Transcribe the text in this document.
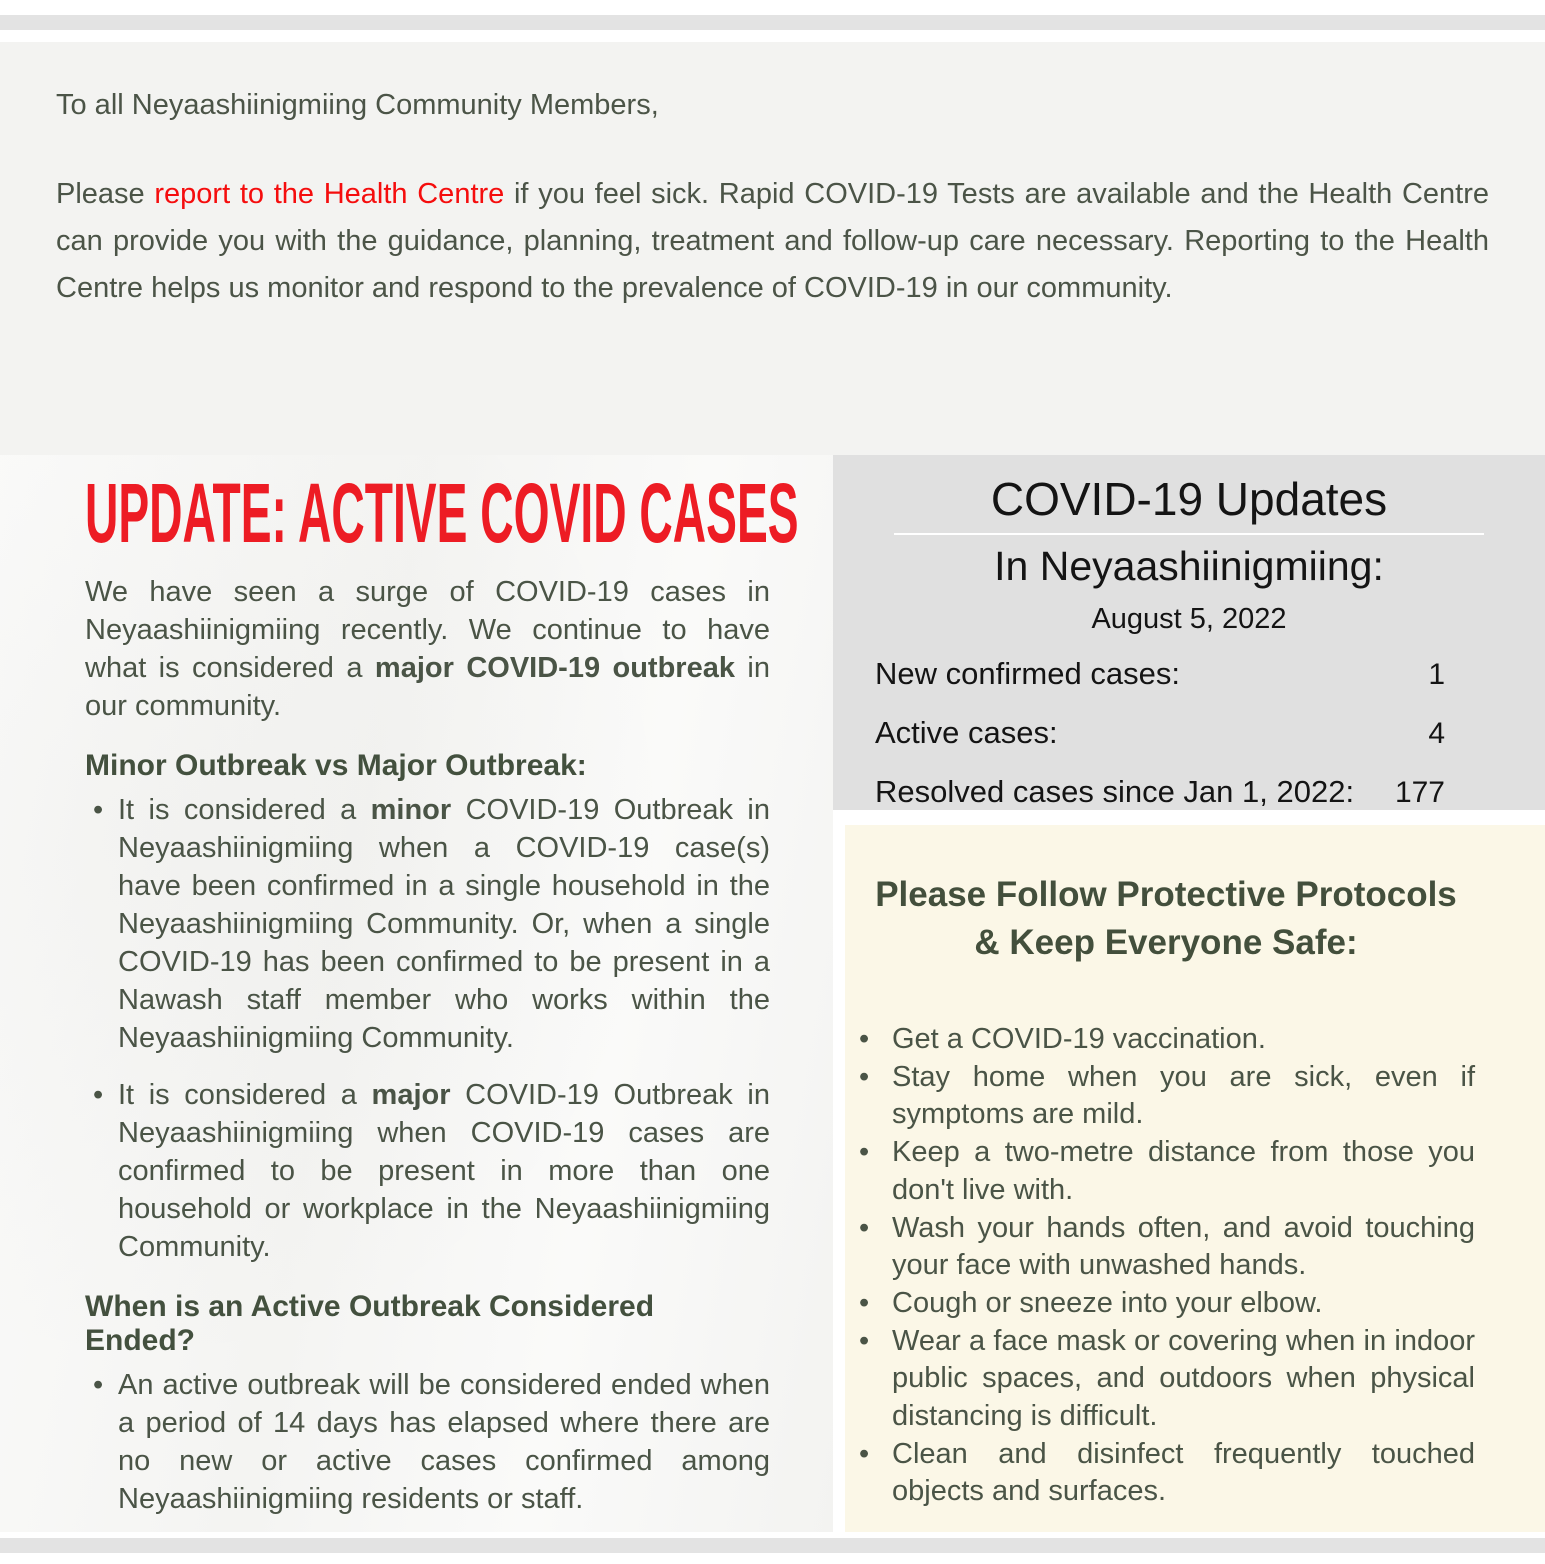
To all Neyaashiinigmiing Community Members,

Please report to the Health Centre if you feel sick. Rapid COVID-19 Tests are available and the Health Centre can provide you with the guidance, planning, treatment and follow-up care necessary. Reporting to the Health Centre helps us monitor and respond to the prevalence of COVID-19 in our community.

UPDATE: ACTIVE COVID CASES

We have seen a surge of COVID-19 cases in Neyaashiinigmiing recently. We continue to have what is considered a major COVID-19 outbreak in our community.

Minor Outbreak vs Major Outbreak:
• It is considered a minor COVID-19 Outbreak in Neyaashiinigmiing when a COVID-19 case(s) have been confirmed in a single household in the Neyaashiinigmiing Community. Or, when a single COVID-19 has been confirmed to be present in a Nawash staff member who works within the Neyaashiinigmiing Community.
• It is considered a major COVID-19 Outbreak in Neyaashiinigmiing when COVID-19 cases are confirmed to be present in more than one household or workplace in the Neyaashiinigmiing Community.
When is an Active Outbreak Considered Ended?
• An active outbreak will be considered ended when a period of 14 days has elapsed where there are no new or active cases confirmed among Neyaashiinigmiing residents or staff.
COVID-19 Updates
In Neyaashiinigmiing:
August 5, 2022
New confirmed cases:	1
Active cases:	4
Resolved cases since Jan 1, 2022: 177
Please Follow Protective Protocols
& Keep Everyone Safe:
• Get a COVID-19 vaccination.
• Stay home when you are sick, even if symptoms are mild.
• Keep a two-metre distance from those you don't live with.
• Wash your hands often, and avoid touching your face with unwashed hands.
• Cough or sneeze into your elbow.
• Wear a face mask or covering when in indoor public spaces, and outdoors when physical distancing is difficult.
• Clean and disinfect frequently touched objects and surfaces.
